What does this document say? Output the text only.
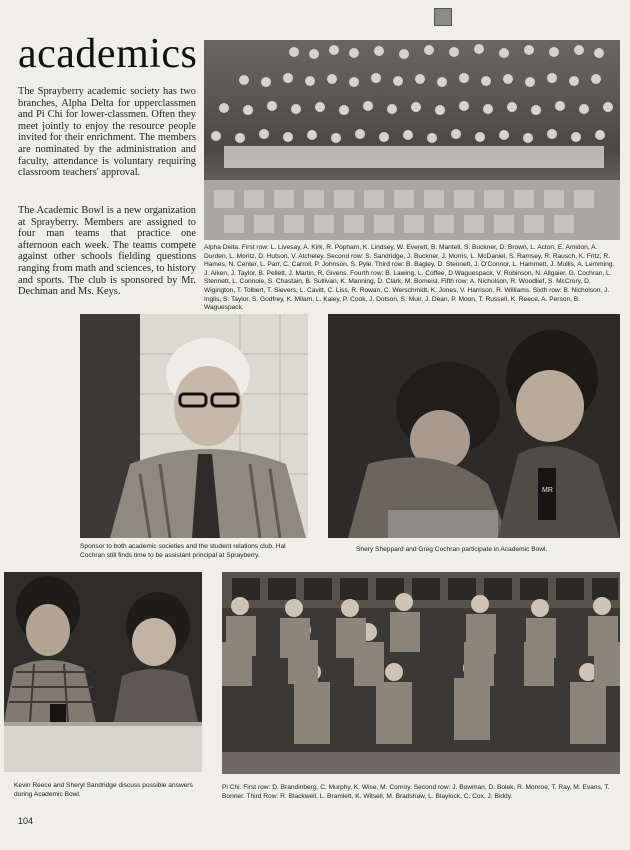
academics
The Sprayberry academic society has two branches, Alpha Delta for upperclassmen and Pi Chi for lower-classmen. Often they meet jointly to enjoy the resource people invited for their enrichment. The members are nominated by the administration and faculty, attendance is voluntary requiring classroom teachers' approval.
The Academic Bowl is a new organization at Sprayberry. Members are assigned to four man teams that practice one afternoon each week. The teams compete against other schools fielding questions ranging from math and sciences, to history and sports. The club is sponsored by Mr. Dechman and Ms. Keys.
Alpha Delta. First row: L. Livesay, A. Kirk, R. Popham, K. Lindsey, W. Everett, B. Mantell, S. Buckner, D. Brown, L. Acton, E. Amidon, A. Durden, L. Moritz, D. Hutson, V. Atcheley. Second row: S. Sandridge, J. Buckner, J. Morris, L. McDaniel, S. Ramsey, R. Rausch, K. Fritz, R. Hames, N. Center, L. Parr, C. Carroll, P. Johnson, S. Pyle. Third row: B. Bagley, D. Stennett, J. O'Connor, L. Hammett, J. Mullis, A. Lemming, J. Aiken, J. Taylor, B. Pellett, J. Martin, R. Givens. Fourth row: B. Lawing, L. Coffee, D Waguespack, V. Robinson, N. Allgaier, G. Cochran, L. Stennett, L. Connole, S. Chastain, B. Sullivan, K. Manning, D. Clark, M. Bomeisl. Fifth row: A. Nicholson, R. Woodlief, S. McCrory, D. Wigington, T. Tolbert, T. Sievers, L. Cavitt, C. Liss, R. Rowan, C. Werschmidt, K. Jones, V. Harrison, R. Williams. Sixth row: B. Nicholson, J. Inglis, S. Taylor, S. Godfrey, K. Milam, L. Kaley, P. Cook, J. Dotson, S. Muir, J. Dean, P. Moon, T. Russell, K. Reece, A. Person, B. Waguespack.
Sponsor to both academic societies and the student relations club, Hal Cochran still finds time to be assistant principal at Sprayberry.
MR
Shery Sheppard and Greg Cochran participate in Academic Bowl.
Kevin Reece and Sheryl Sandridge discuss possible answers during Academic Bowl.
Pi Chi. First row: D. Brandinberg, C. Murphy, K. Wise, M. Conroy. Second row: J. Bowman, D. Bolek, R. Monroe, T. Ray, M. Evans, T. Bonner. Third Row: R. Blackwell, L. Bramlett, K. Witsell, M. Bradshaw, L. Blaylock, C. Cox, J. Biddy.
104
